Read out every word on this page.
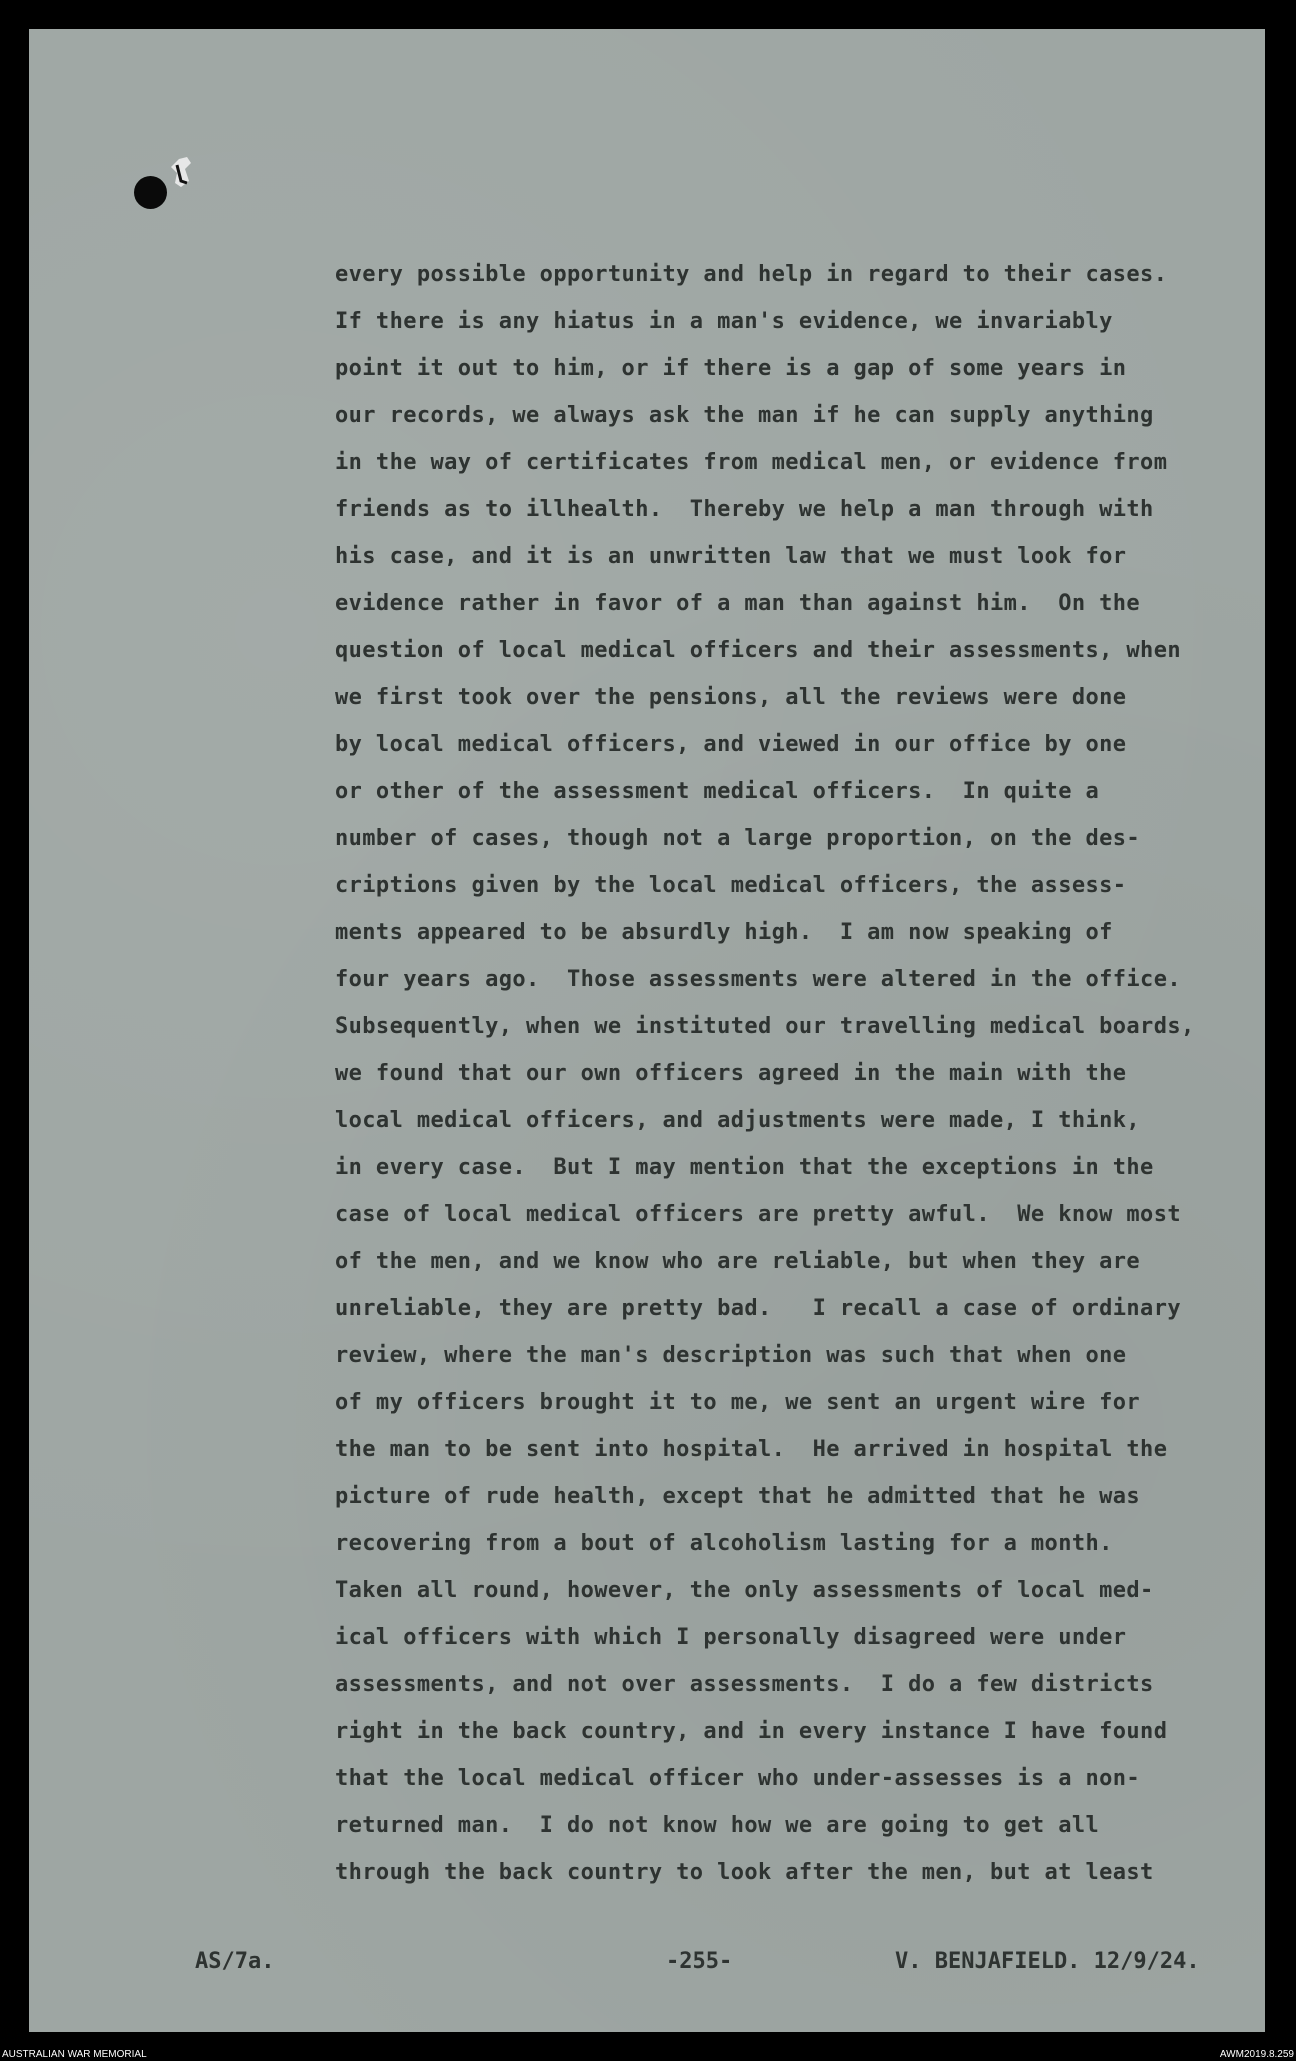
every possible opportunity and help in regard to their cases.
If there is any hiatus in a man's evidence, we invariably
point it out to him, or if there is a gap of some years in
our records, we always ask the man if he can supply anything
in the way of certificates from medical men, or evidence from
friends as to illhealth.  Thereby we help a man through with
his case, and it is an unwritten law that we must look for
evidence rather in favor of a man than against him.  On the
question of local medical officers and their assessments, when
we first took over the pensions, all the reviews were done
by local medical officers, and viewed in our office by one
or other of the assessment medical officers.  In quite a
number of cases, though not a large proportion, on the des-
criptions given by the local medical officers, the assess-
ments appeared to be absurdly high.  I am now speaking of
four years ago.  Those assessments were altered in the office.
Subsequently, when we instituted our travelling medical boards,
we found that our own officers agreed in the main with the
local medical officers, and adjustments were made, I think,
in every case.  But I may mention that the exceptions in the
case of local medical officers are pretty awful.  We know most
of the men, and we know who are reliable, but when they are
unreliable, they are pretty bad.   I recall a case of ordinary
review, where the man's description was such that when one
of my officers brought it to me, we sent an urgent wire for
the man to be sent into hospital.  He arrived in hospital the
picture of rude health, except that he admitted that he was
recovering from a bout of alcoholism lasting for a month.
Taken all round, however, the only assessments of local med-
ical officers with which I personally disagreed were under
assessments, and not over assessments.  I do a few districts
right in the back country, and in every instance I have found
that the local medical officer who under-assesses is a non-
returned man.  I do not know how we are going to get all
through the back country to look after the men, but at least
AS/7a.	-255-	V. BENJAFIELD. 12/9/24.
AUSTRALIAN WAR MEMORIAL	AWM2019.8.259
